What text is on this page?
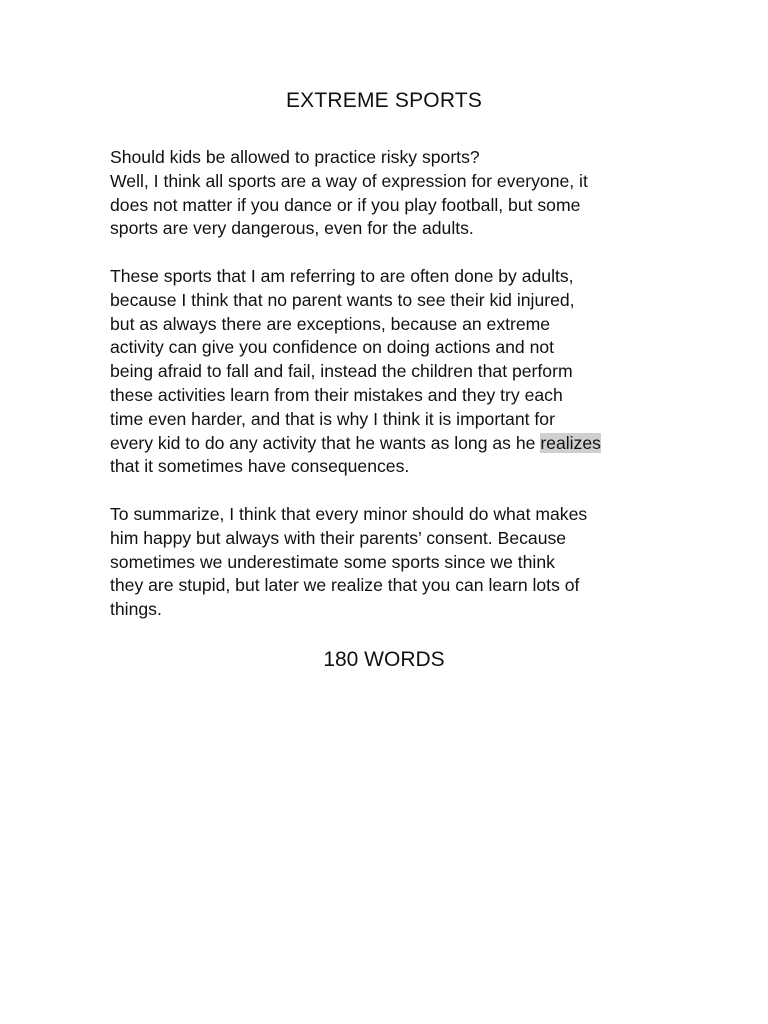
EXTREME SPORTS

Should kids be allowed to practice risky sports?
Well, I think all sports are a way of expression for everyone, it
does not matter if you dance or if you play football, but some
sports are very dangerous, even for the adults.

These sports that I am referring to are often done by adults,
because I think that no parent wants to see their kid injured,
but as always there are exceptions, because an extreme
activity can give you confidence on doing actions and not
being afraid to fall and fail, instead the children that perform
these activities learn from their mistakes and they try each
time even harder, and that is why I think it is important for
every kid to do any activity that he wants as long as he realizes
that it sometimes have consequences.

To summarize, I think that every minor should do what makes
him happy but always with their parents’ consent. Because
sometimes we underestimate some sports since we think
they are stupid, but later we realize that you can learn lots of
things.

180 WORDS
